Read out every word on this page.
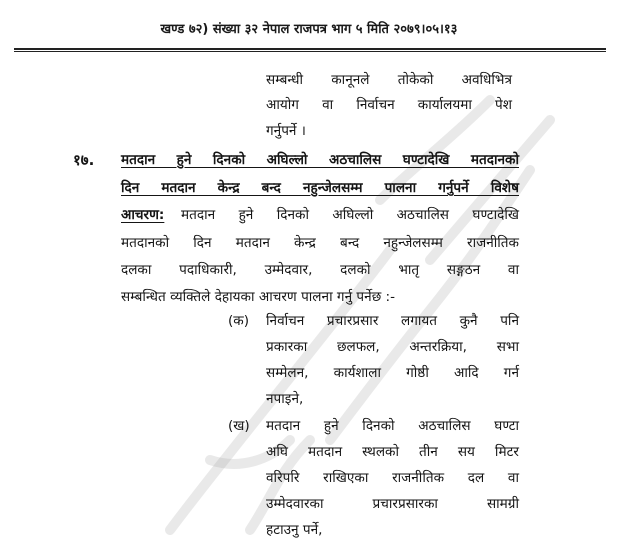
खण्ड ७२) संख्या ३२ नेपाल राजपत्र भाग ५ मिति २०७९।०५।१३
सम्बन्धी कानूनले तोकेको अवधिभित्र
आयोग वा निर्वाचन कार्यालयमा पेश
गर्नुपर्ने ।
१७. मतदान हुने दिनको अघिल्लो अठचालिस घण्टादेखि मतदानको
दिन मतदान केन्द्र बन्द नहुन्जेलसम्म पालना गर्नुपर्ने विशेष
आचरण: मतदान हुने दिनको अघिल्लो अठचालिस घण्टादेखि
मतदानको दिन मतदान केन्द्र बन्द नहुन्जेलसम्म राजनीतिक
दलका पदाधिकारी, उम्मेदवार, दलको भातृ सङ्गठन वा
सम्बन्धित व्यक्तिले देहायका आचरण पालना गर्नु पर्नेछ :-
(क) निर्वाचन प्रचारप्रसार लगायत कुनै पनि
प्रकारका छलफल, अन्तरक्रिया, सभा
सम्मेलन, कार्यशाला गोष्ठी आदि गर्न
नपाइने,
(ख) मतदान हुने दिनको अठचालिस घण्टा
अघि मतदान स्थलको तीन सय मिटर
वरिपरि राखिएका राजनीतिक दल वा
उम्मेदवारका प्रचारप्रसारका सामग्री
हटाउनु पर्ने,
